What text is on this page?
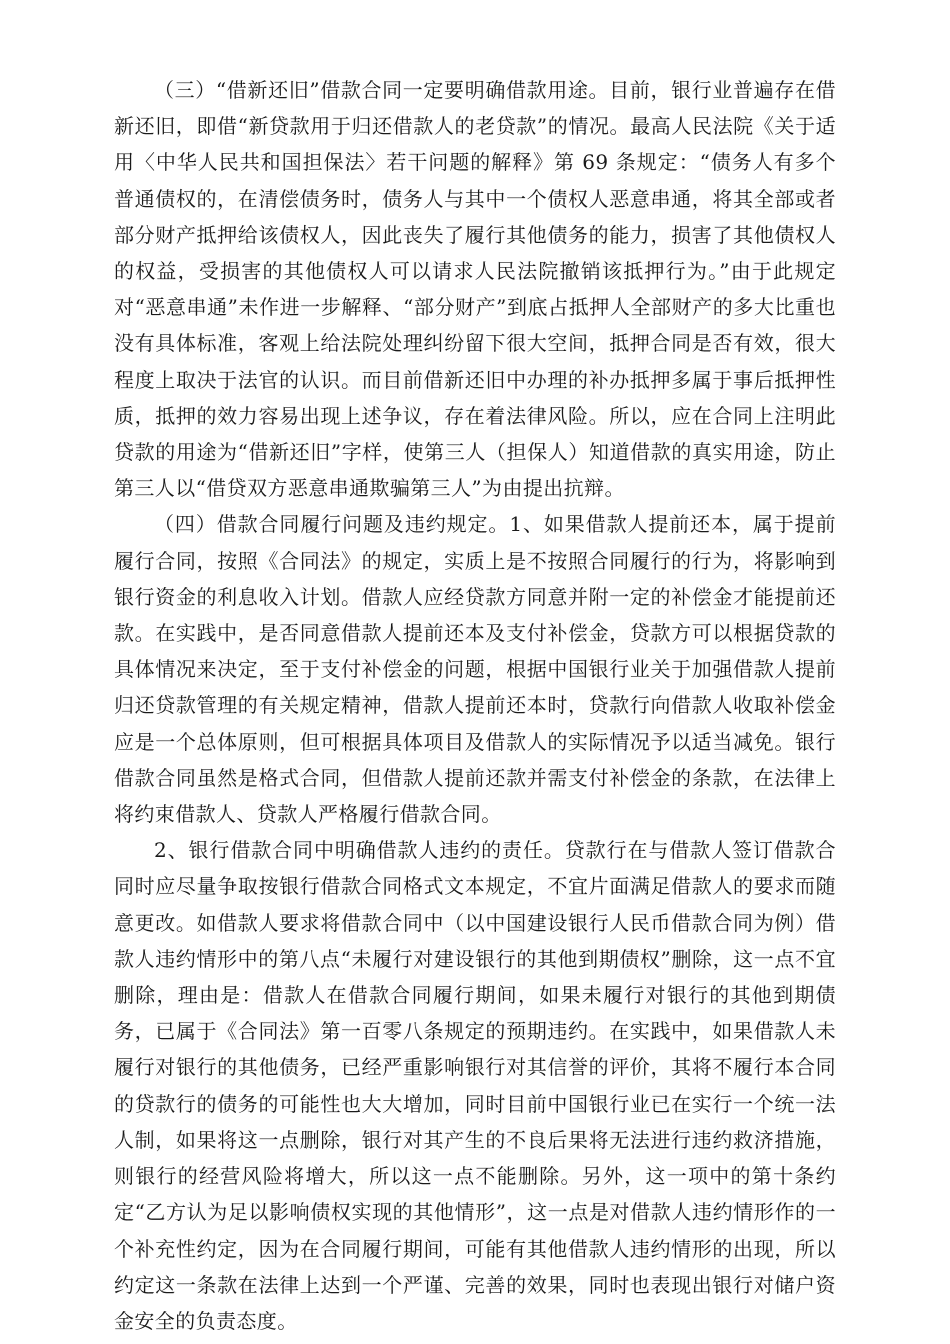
（三）“借新还旧”借款合同一定要明确借款用途。目前，银行业普遍存在借新还旧，即借“新贷款用于归还借款人的老贷款”的情况。最高人民法院《关于适用〈中华人民共和国担保法〉若干问题的解释》第 69 条规定：“债务人有多个普通债权的，在清偿债务时，债务人与其中一个债权人恶意串通，将其全部或者部分财产抵押给该债权人，因此丧失了履行其他债务的能力，损害了其他债权人的权益，受损害的其他债权人可以请求人民法院撤销该抵押行为。”由于此规定对“恶意串通”未作进一步解释、“部分财产”到底占抵押人全部财产的多大比重也没有具体标准，客观上给法院处理纠纷留下很大空间，抵押合同是否有效，很大程度上取决于法官的认识。而目前借新还旧中办理的补办抵押多属于事后抵押性质，抵押的效力容易出现上述争议，存在着法律风险。所以，应在合同上注明此贷款的用途为“借新还旧”字样，使第三人（担保人）知道借款的真实用途，防止第三人以“借贷双方恶意串通欺骗第三人”为由提出抗辩。

（四）借款合同履行问题及违约规定。1、如果借款人提前还本，属于提前履行合同，按照《合同法》的规定，实质上是不按照合同履行的行为，将影响到银行资金的利息收入计划。借款人应经贷款方同意并附一定的补偿金才能提前还款。在实践中，是否同意借款人提前还本及支付补偿金，贷款方可以根据贷款的具体情况来决定，至于支付补偿金的问题，根据中国银行业关于加强借款人提前归还贷款管理的有关规定精神，借款人提前还本时，贷款行向借款人收取补偿金应是一个总体原则，但可根据具体项目及借款人的实际情况予以适当减免。银行借款合同虽然是格式合同，但借款人提前还款并需支付补偿金的条款，在法律上将约束借款人、贷款人严格履行借款合同。

2、银行借款合同中明确借款人违约的责任。贷款行在与借款人签订借款合同时应尽量争取按银行借款合同格式文本规定，不宜片面满足借款人的要求而随意更改。如借款人要求将借款合同中（以中国建设银行人民币借款合同为例）借款人违约情形中的第八点“未履行对建设银行的其他到期债权”删除，这一点不宜删除，理由是：借款人在借款合同履行期间，如果未履行对银行的其他到期债务，已属于《合同法》第一百零八条规定的预期违约。在实践中，如果借款人未履行对银行的其他债务，已经严重影响银行对其信誉的评价，其将不履行本合同的贷款行的债务的可能性也大大增加，同时目前中国银行业已在实行一个统一法人制，如果将这一点删除，银行对其产生的不良后果将无法进行违约救济措施，则银行的经营风险将增大，所以这一点不能删除。另外，这一项中的第十条约定“乙方认为足以影响债权实现的其他情形”，这一点是对借款人违约情形作的一个补充性约定，因为在合同履行期间，可能有其他借款人违约情形的出现，所以约定这一条款在法律上达到一个严谨、完善的效果，同时也表现出银行对储户资金安全的负责态度。
